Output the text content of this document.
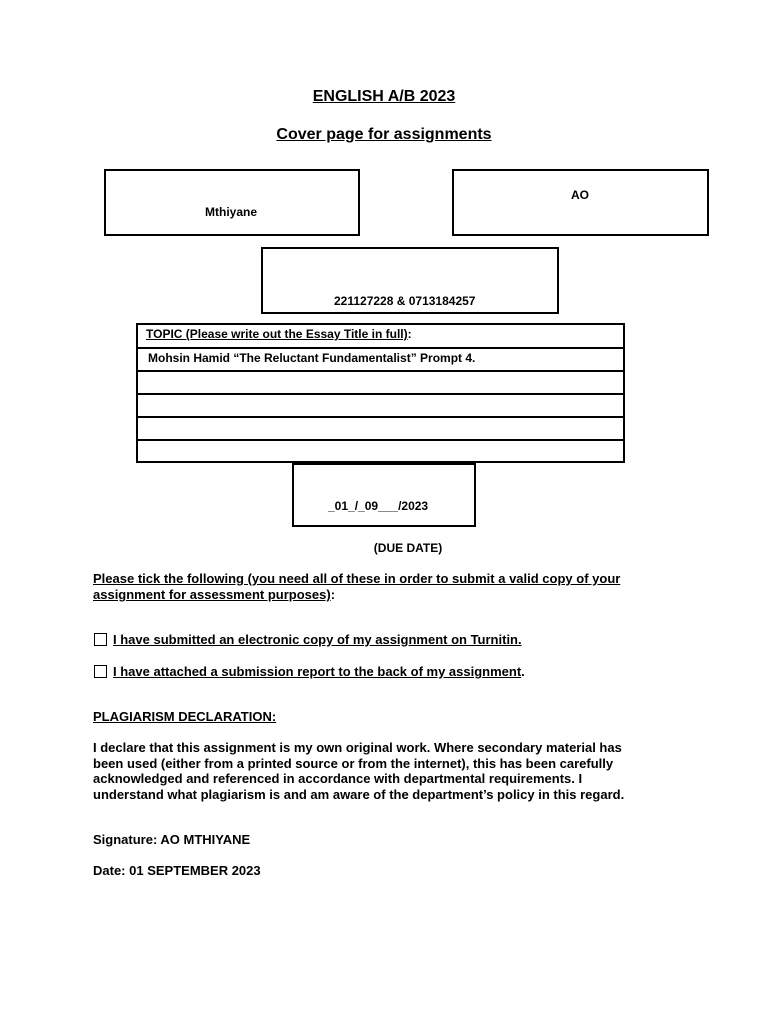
ENGLISH A/B 2023
Cover page for assignments
Mthiyane
AO
221127228 & 0713184257
TOPIC (Please write out the Essay Title in full):
Mohsin Hamid “The Reluctant Fundamentalist” Prompt 4.
_01_/_09___/2023
(DUE DATE)
Please tick the following (you need all of these in order to submit a valid copy of your
assignment for assessment purposes):
I have submitted an electronic copy of my assignment on Turnitin.
I have attached a submission report to the back of my assignment.
PLAGIARISM DECLARATION:
I declare that this assignment is my own original work. Where secondary material has
been used (either from a printed source or from the internet), this has been carefully
acknowledged and referenced in accordance with departmental requirements. I
understand what plagiarism is and am aware of the department’s policy in this regard.
Signature: AO MTHIYANE
Date: 01 SEPTEMBER 2023
